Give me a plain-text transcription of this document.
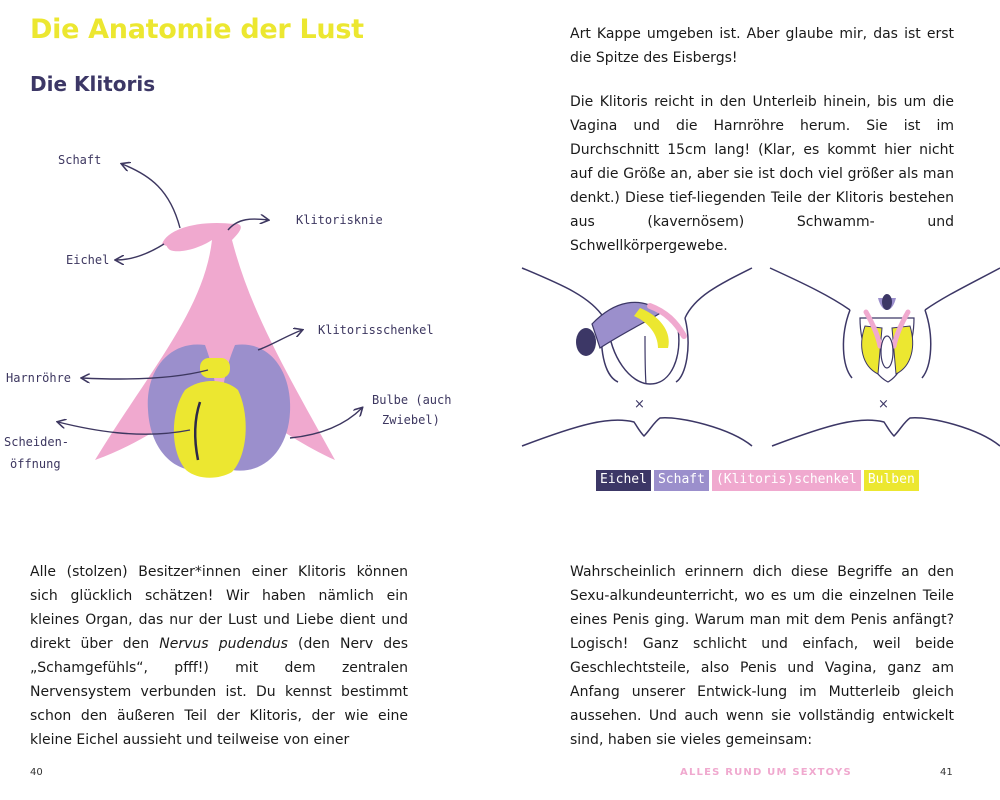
Die Anatomie der Lust
Die Klitoris
Schaft
Klitorisknie
Eichel
Klitorisschenkel
Harnröhre
Bulbe (auch
Zwiebel)
Scheiden-
öffnung

Alle (stolzen) Besitzer*innen einer Klitoris können sich glücklich schätzen! Wir haben nämlich ein kleines Organ, das nur der Lust und Liebe dient und direkt über den Nervus pudendus (den Nerv des „Schamgefühls“, pfff!) mit dem zentralen Nervensystem verbunden ist. Du kennst bestimmt schon den äußeren Teil der Klitoris, der wie eine kleine Eichel aussieht und teilweise von einer

40

Art Kappe umgeben ist. Aber glaube mir, das ist erst die Spitze des Eisbergs!

Die Klitoris reicht in den Unterleib hinein, bis um die Vagina und die Harnröhre herum. Sie ist im Durchschnitt 15cm lang! (Klar, es kommt hier nicht auf die Größe an, aber sie ist doch viel größer als man denkt.) Diese tief-liegenden Teile der Klitoris bestehen aus (kavernösem) Schwamm- und Schwellkörpergewebe.

×	×
Eichel Schaft (Klitoris)schenkel Bulben

Wahrscheinlich erinnern dich diese Begriffe an den Sexu-alkundeunterricht, wo es um die einzelnen Teile eines Penis ging. Warum man mit dem Penis anfängt? Logisch! Ganz schlicht und einfach, weil beide Geschlechtsteile, also Penis und Vagina, ganz am Anfang unserer Entwick-lung im Mutterleib gleich aussehen. Und auch wenn sie vollständig entwickelt sind, haben sie vieles gemeinsam:

ALLES RUND UM SEXTOYS	41
